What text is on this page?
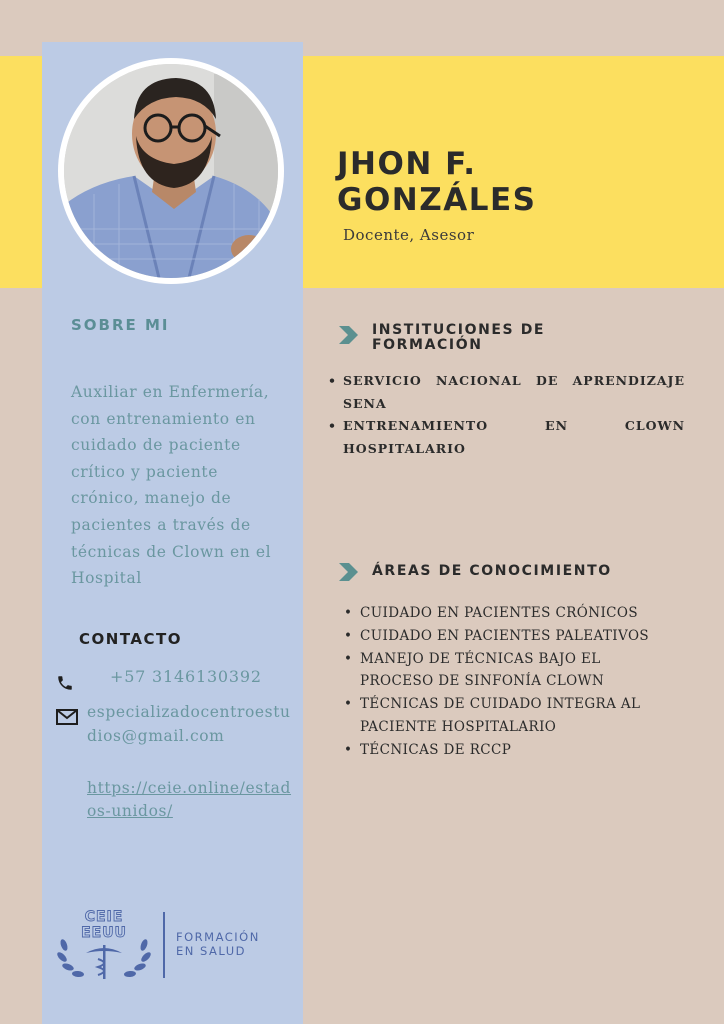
JHON F.
GONZÁLES
Docente, Asesor
SOBRE MI
Auxiliar en Enfermería, con entrenamiento en cuidado de paciente crítico y paciente crónico, manejo de pacientes a través de técnicas de Clown en el Hospital
CONTACTO
+57 3146130392
especializadocentroestudios@gmail.com
https://ceie.online/estados-unidos/
CEIE
EEUU	FORMACIÓN
EN SALUD
INSTITUCIONES DE
FORMACIÓN
• SERVICIO NACIONAL DE APRENDIZAJE SENA
• ENTRENAMIENTO EN CLOWN HOSPITALARIO
ÁREAS DE CONOCIMIENTO
• CUIDADO EN PACIENTES CRÓNICOS
• CUIDADO EN PACIENTES PALEATIVOS
• MANEJO DE TÉCNICAS BAJO EL PROCESO DE SINFONÍA CLOWN
• TÉCNICAS DE CUIDADO INTEGRA AL PACIENTE HOSPITALARIO
• TÉCNICAS DE RCCP
